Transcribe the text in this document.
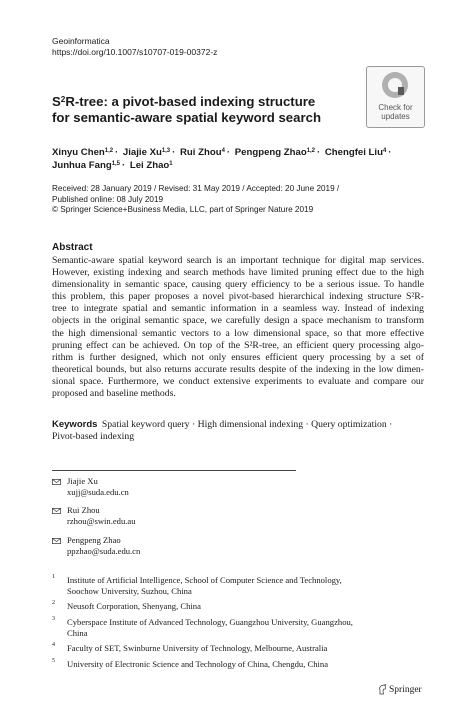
Geoinformatica
https://doi.org/10.1007/s10707-019-00372-z
Check for
updates
$S^2R$-tree: a pivot-based indexing structure
for semantic-aware spatial keyword search
Xinyu Chen$^{1,2}$ · Jiajie Xu$^{1,3}$ · Rui Zhou$^4$ · Pengpeng Zhao$^{1,2}$ · Chengfei Liu$^4$ ·
Junhua Fang$^{1,5}$ · Lei Zhao$^1$
Received: 28 January 2019 / Revised: 31 May 2019 / Accepted: 20 June 2019 /
Published online: 08 July 2019
© Springer Science+Business Media, LLC, part of Springer Nature 2019
Abstract
Semantic-aware spatial keyword search is an important technique for digital map services.
However, existing indexing and search methods have limited pruning effect due to the high
dimensionality in semantic space, causing query efficiency to be a serious issue. To handle
this problem, this paper proposes a novel pivot-based hierarchical indexing structure S²R-
tree to integrate spatial and semantic information in a seamless way. Instead of indexing
objects in the original semantic space, we carefully design a space mechanism to transform
the high dimensional semantic vectors to a low dimensional space, so that more effective
pruning effect can be achieved. On top of the S²R-tree, an efficient query processing algo-
rithm is further designed, which not only ensures efficient query processing by a set of
theoretical bounds, but also returns accurate results despite of the indexing in the low dimen-
sional space. Furthermore, we conduct extensive experiments to evaluate and compare our
proposed and baseline methods.
Keywords Spatial keyword query · High dimensional indexing · Query optimization ·
Pivot-based indexing
Jiajie Xu
xujj@suda.edu.cn
Rui Zhou
rzhou@swin.edu.au
Pengpeng Zhao
ppzhao@suda.edu.cn
1 Institute of Artificial Intelligence, School of Computer Science and Technology,
Soochow University, Suzhou, China
2 Neusoft Corporation, Shenyang, China
3 Cyberspace Institute of Advanced Technology, Guangzhou University, Guangzhou,
China
4 Faculty of SET, Swinburne University of Technology, Melbourne, Australia
5 University of Electronic Science and Technology of China, Chengdu, China
Springer
